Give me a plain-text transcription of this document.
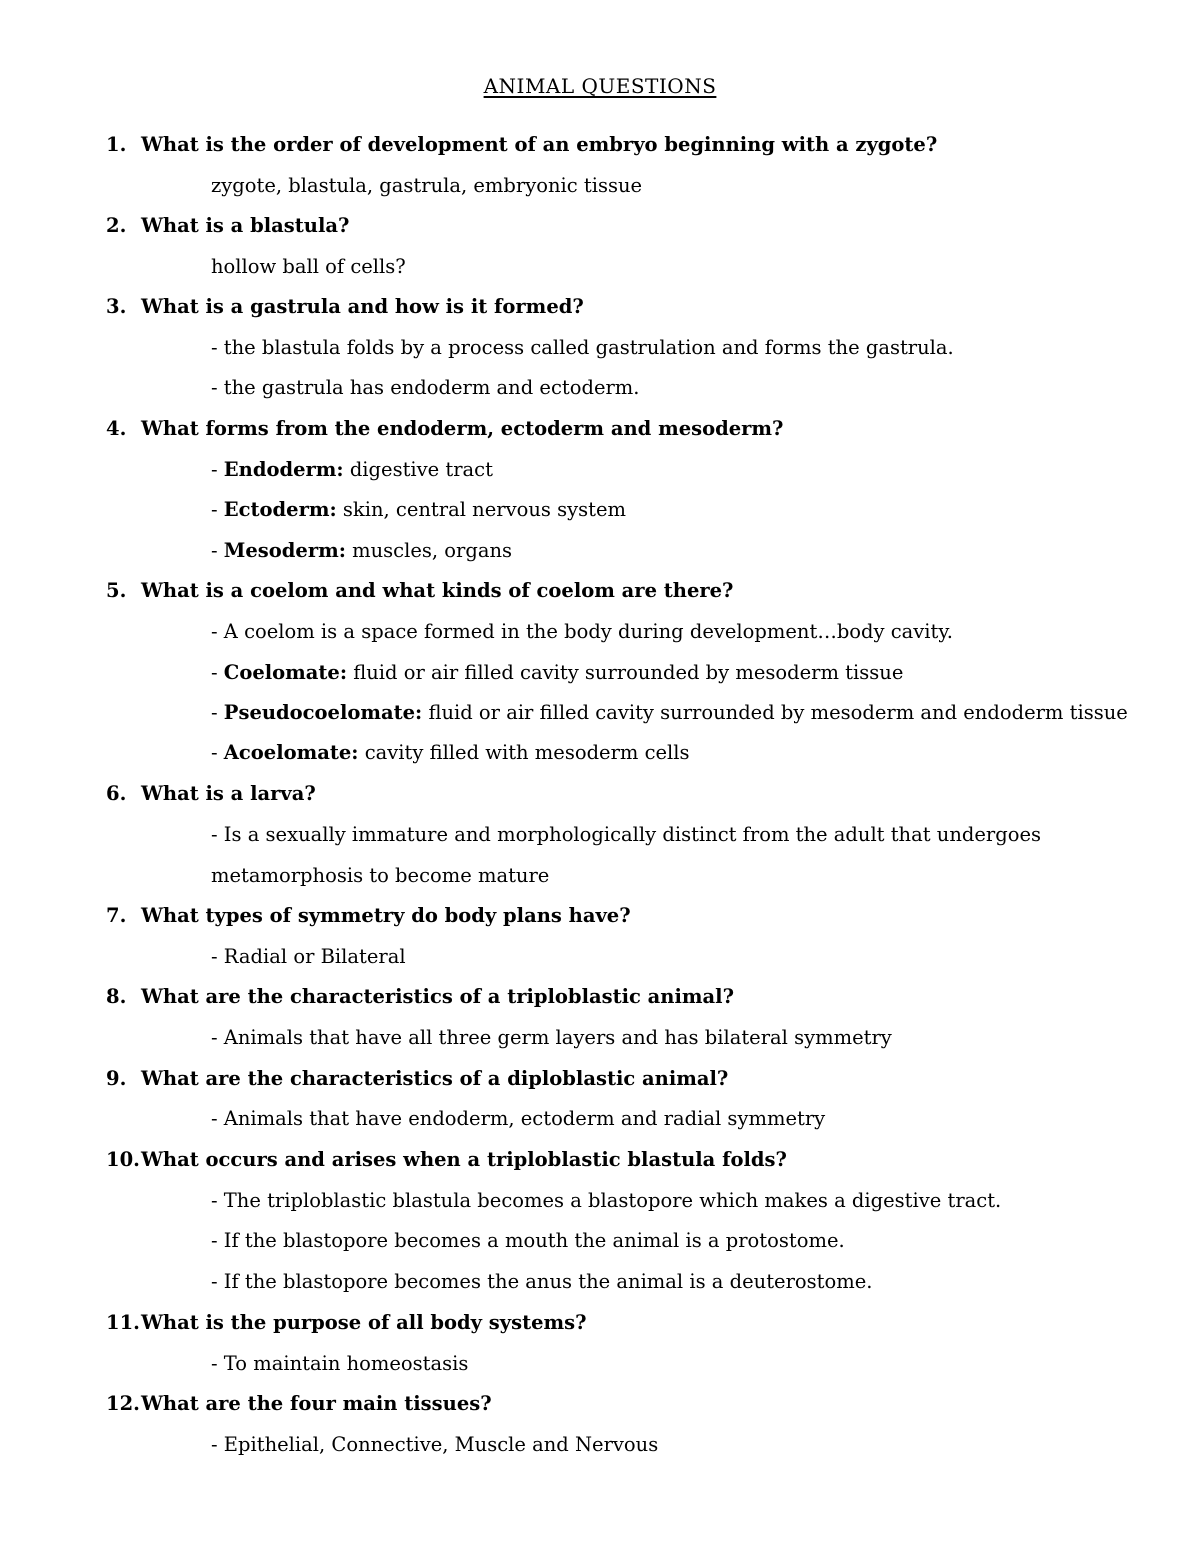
ANIMAL QUESTIONS
1. What is the order of development of an embryo beginning with a zygote?
zygote, blastula, gastrula, embryonic tissue
2. What is a blastula?
hollow ball of cells?
3. What is a gastrula and how is it formed?
- the blastula folds by a process called gastrulation and forms the gastrula.
- the gastrula has endoderm and ectoderm.
4. What forms from the endoderm, ectoderm and mesoderm?
- Endoderm: digestive tract
- Ectoderm: skin, central nervous system
- Mesoderm: muscles, organs
5. What is a coelom and what kinds of coelom are there?
- A coelom is a space formed in the body during development…body cavity.
- Coelomate: fluid or air filled cavity surrounded by mesoderm tissue
- Pseudocoelomate: fluid or air filled cavity surrounded by mesoderm and endoderm tissue
- Acoelomate: cavity filled with mesoderm cells
6. What is a larva?
- Is a sexually immature and morphologically distinct from the adult that undergoes
metamorphosis to become mature
7. What types of symmetry do body plans have?
- Radial or Bilateral
8. What are the characteristics of a triploblastic animal?
- Animals that have all three germ layers and has bilateral symmetry
9. What are the characteristics of a diploblastic animal?
- Animals that have endoderm, ectoderm and radial symmetry
10.What occurs and arises when a triploblastic blastula folds?
- The triploblastic blastula becomes a blastopore which makes a digestive tract.
- If the blastopore becomes a mouth the animal is a protostome.
- If the blastopore becomes the anus the animal is a deuterostome.
11.What is the purpose of all body systems?
- To maintain homeostasis
12.What are the four main tissues?
- Epithelial, Connective, Muscle and Nervous
